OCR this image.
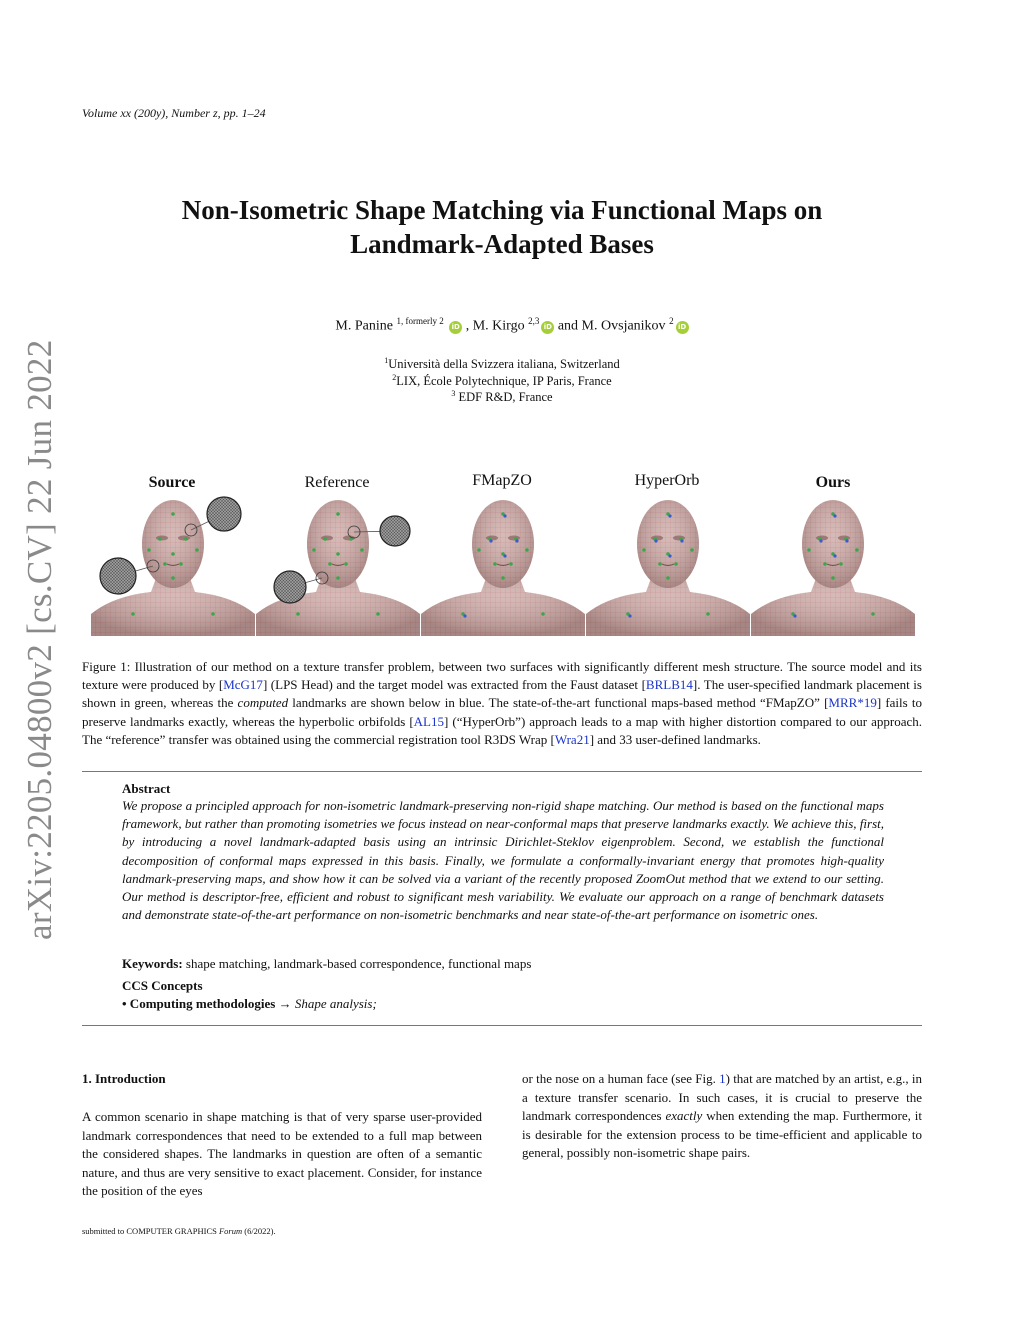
Volume xx (200y), Number z, pp. 1–24
Non-Isometric Shape Matching via Functional Maps on
Landmark-Adapted Bases
M. Panine $^{1, formerly 2}$ iD , M. Kirgo $^{2,3}$iD and M. Ovsjanikov $^2$iD
$^1$Università della Svizzera italiana, Switzerland
$^2$LIX, École Polytechnique, IP Paris, France
$^3$ EDF R&D, France
arXiv:2205.04800v2 [cs.CV] 22 Jun 2022	Source	Reference	FMapZO	HyperOrb	Ours
Figure 1: Illustration of our method on a texture transfer problem, between two surfaces with significantly different mesh structure. The source model and its texture were produced by [McG17] (LPS Head) and the target model was extracted from the Faust dataset [BRLB14]. The user-specified landmark placement is shown in green, whereas the computed landmarks are shown below in blue. The state-of-the-art functional maps-based method “FMapZO” [MRR*19] fails to preserve landmarks exactly, whereas the hyperbolic orbifolds [AL15] (“HyperOrb”) approach leads to a map with higher distortion compared to our approach. The “reference” transfer was obtained using the commercial registration tool R3DS Wrap [Wra21] and 33 user-defined landmarks.
Abstract
We propose a principled approach for non-isometric landmark-preserving non-rigid shape matching. Our method is based on the functional maps framework, but rather than promoting isometries we focus instead on near-conformal maps that preserve landmarks exactly. We achieve this, first, by introducing a novel landmark-adapted basis using an intrinsic Dirichlet-Steklov eigenproblem. Second, we establish the functional decomposition of conformal maps expressed in this basis. Finally, we formulate a conformally-invariant energy that promotes high-quality landmark-preserving maps, and show how it can be solved via a variant of the recently proposed ZoomOut method that we extend to our setting. Our method is descriptor-free, efficient and robust to significant mesh variability. We evaluate our approach on a range of benchmark datasets and demonstrate state-of-the-art performance on non-isometric benchmarks and near state-of-the-art performance on isometric ones.
Keywords: shape matching, landmark-based correspondence, functional maps
CCS Concepts
• Computing methodologies → Shape analysis;
1. Introduction
A common scenario in shape matching is that of very sparse user-provided landmark correspondences that need to be extended to a full map between the considered shapes. The landmarks in question are often of a semantic nature, and thus are very sensitive to exact placement. Consider, for instance the position of the eyes
or the nose on a human face (see Fig. 1) that are matched by an artist, e.g., in a texture transfer scenario. In such cases, it is crucial to preserve the landmark correspondences exactly when extending the map. Furthermore, it is desirable for the extension process to be time-efficient and applicable to general, possibly non-isometric shape pairs.
submitted to COMPUTER GRAPHICS Forum (6/2022).
